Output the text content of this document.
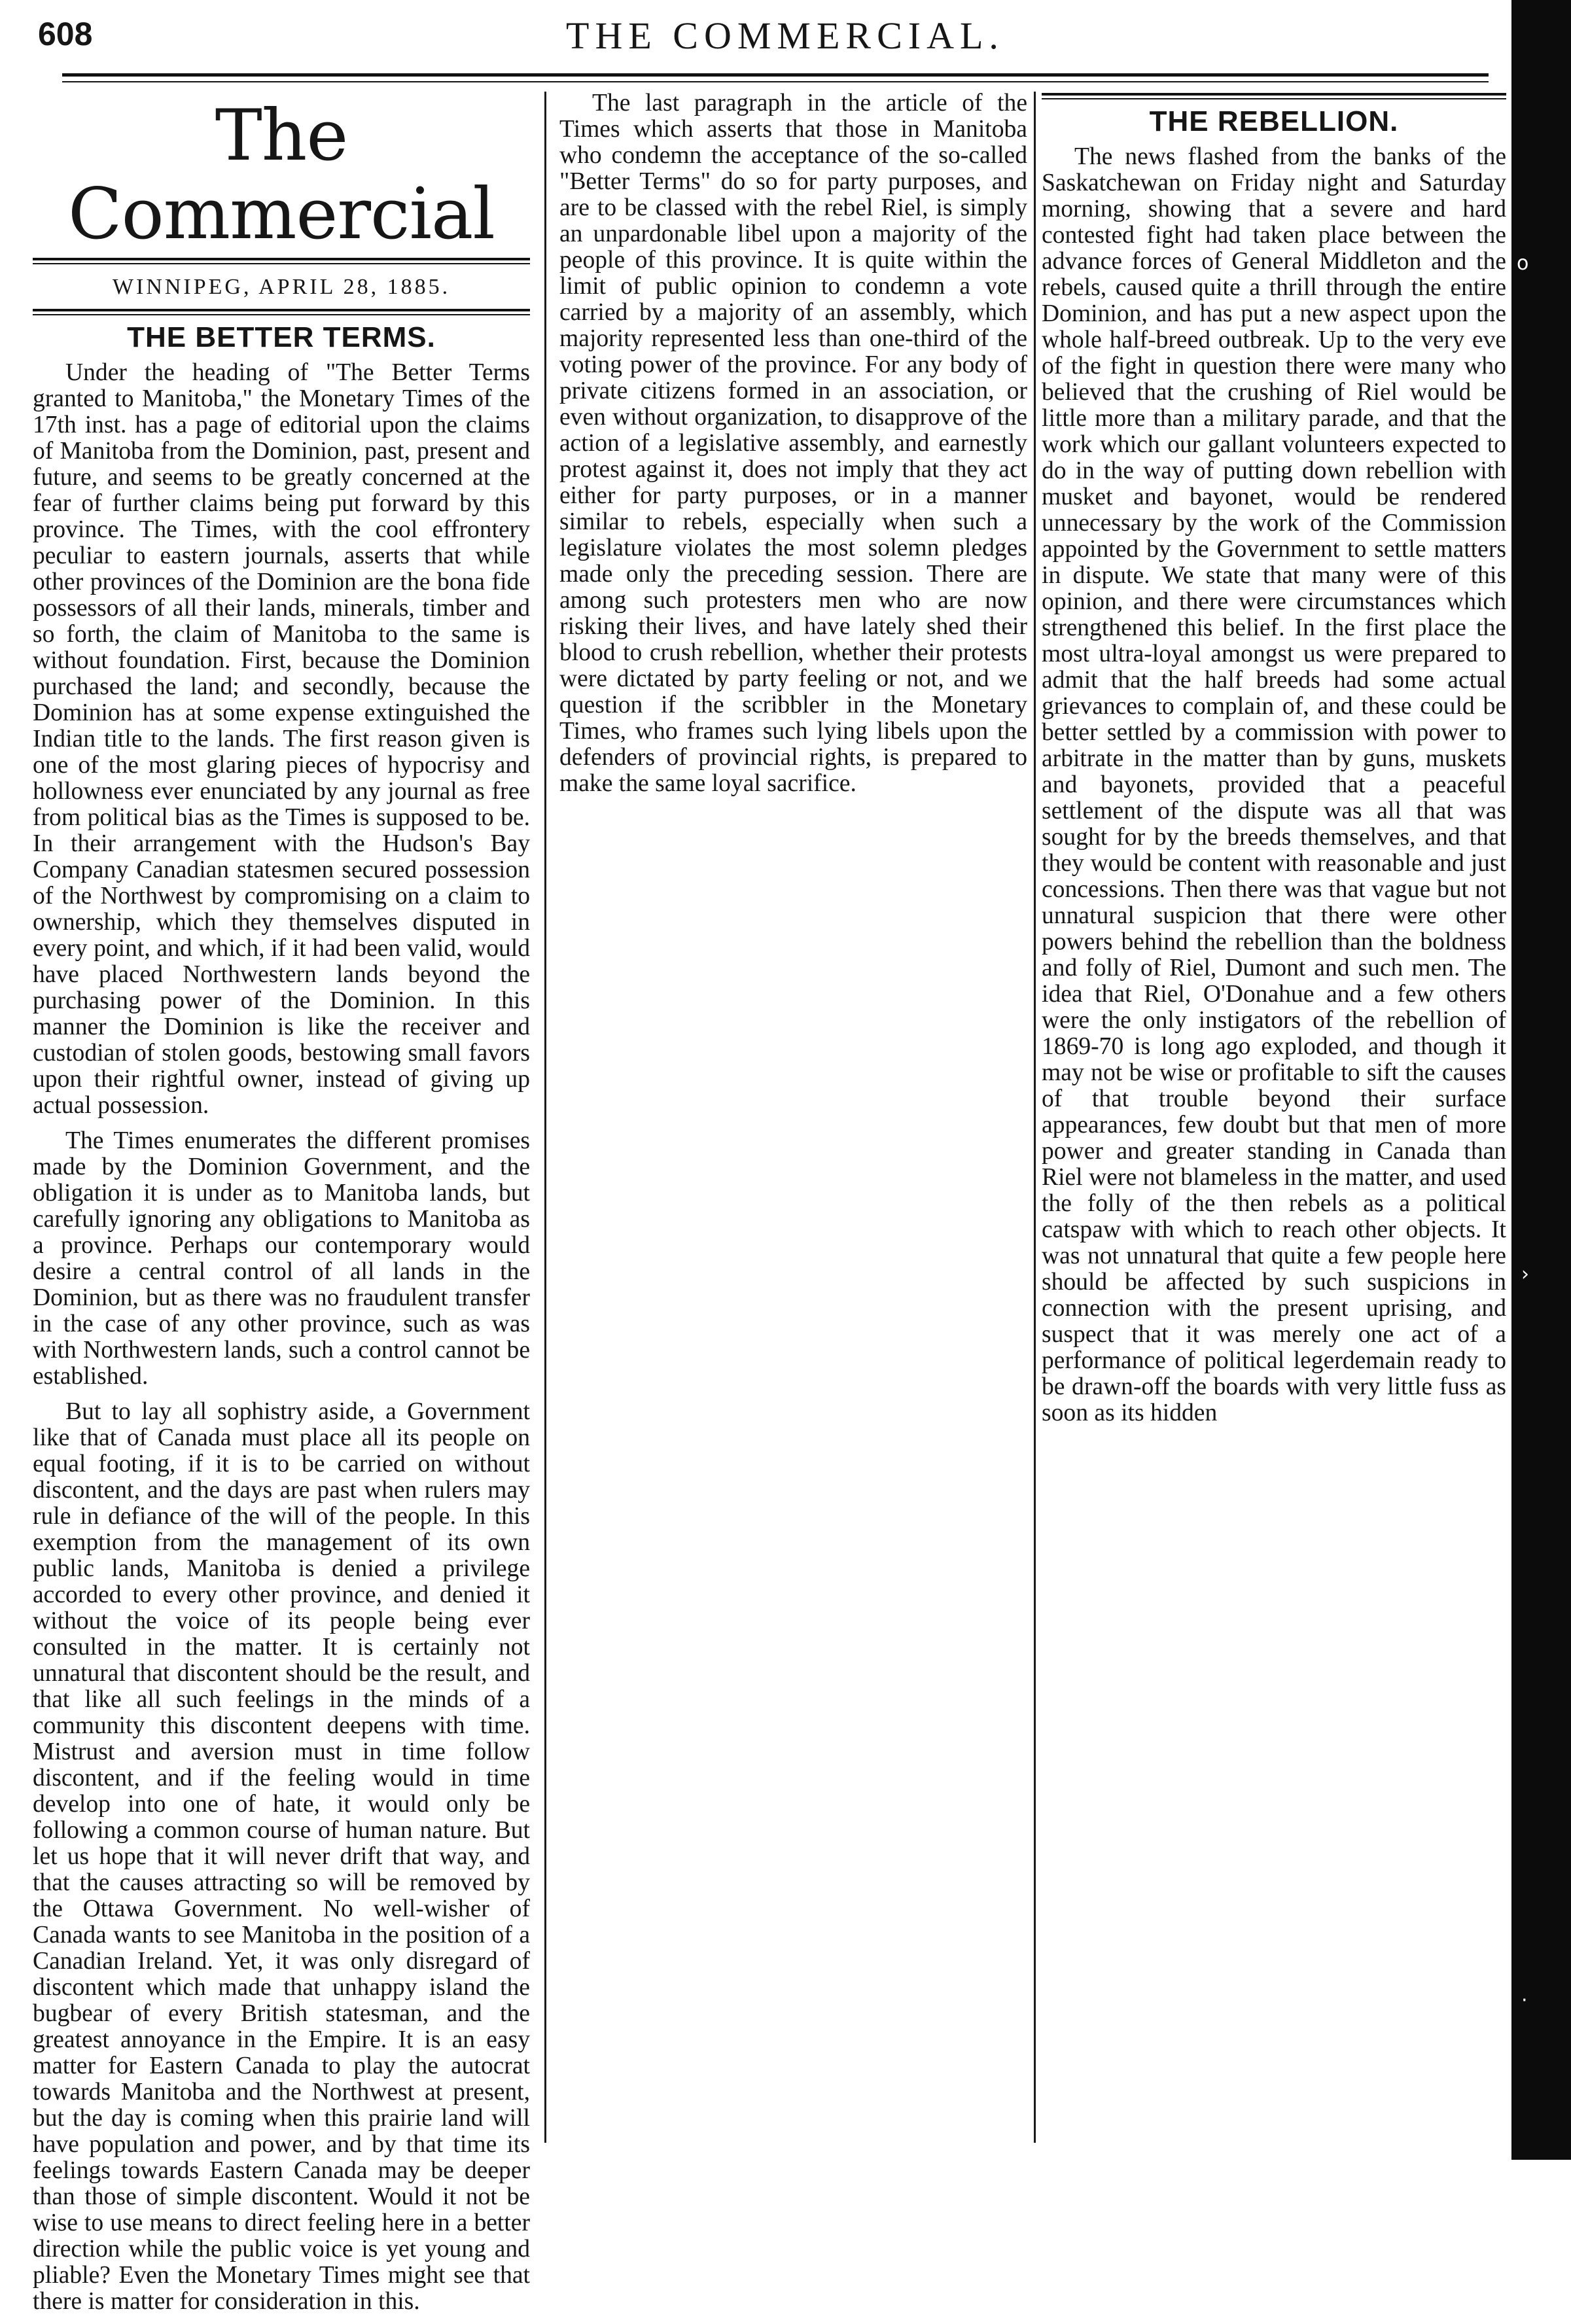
608	THE COMMERCIAL.
The Commercial
WINNIPEG, APRIL 28, 1885.
THE BETTER TERMS.

Under the heading of "The Better Terms granted to Manitoba," the Monetary Times of the 17th inst. has a page of editorial upon the claims of Manitoba from the Dominion, past, present and future, and seems to be greatly concerned at the fear of further claims being put forward by this province. The Times, with the cool effrontery peculiar to eastern journals, asserts that while other provinces of the Dominion are the bona fide possessors of all their lands, minerals, timber and so forth, the claim of Manitoba to the same is without foundation. First, because the Dominion purchased the land; and secondly, because the Dominion has at some expense extinguished the Indian title to the lands. The first reason given is one of the most glaring pieces of hypocrisy and hollowness ever enunciated by any journal as free from political bias as the Times is supposed to be. In their arrangement with the Hudson's Bay Company Canadian statesmen secured possession of the Northwest by compromising on a claim to ownership, which they themselves disputed in every point, and which, if it had been valid, would have placed Northwestern lands beyond the purchasing power of the Dominion. In this manner the Dominion is like the receiver and custodian of stolen goods, bestowing small favors upon their rightful owner, instead of giving up actual possession.

The Times enumerates the different promises made by the Dominion Government, and the obligation it is under as to Manitoba lands, but carefully ignoring any obligations to Manitoba as a province. Perhaps our contemporary would desire a central control of all lands in the Dominion, but as there was no fraudulent transfer in the case of any other province, such as was with Northwestern lands, such a control cannot be established.

But to lay all sophistry aside, a Government like that of Canada must place all its people on equal footing, if it is to be carried on without discontent, and the days are past when rulers may rule in defiance of the will of the people. In this exemption from the management of its own public lands, Manitoba is denied a privilege accorded to every other province, and denied it without the voice of its people being ever consulted in the matter. It is certainly not unnatural that discontent should be the result, and that like all such feelings in the minds of a community this discontent deepens with time. Mistrust and aversion must in time follow discontent, and if the feeling would in time develop into one of hate, it would only be following a common course of human nature. But let us hope that it will never drift that way, and that the causes attracting so will be removed by the Ottawa Government. No well-wisher of Canada wants to see Manitoba in the position of a Canadian Ireland. Yet, it was only disregard of discontent which made that unhappy island the bugbear of every British statesman, and the greatest annoyance in the Empire. It is an easy matter for Eastern Canada to play the autocrat towards Manitoba and the Northwest at present, but the day is coming when this prairie land will have population and power, and by that time its feelings towards Eastern Canada may be deeper than those of simple discontent. Would it not be wise to use means to direct feeling here in a better direction while the public voice is yet young and pliable? Even the Monetary Times might see that there is matter for consideration in this.

The last paragraph in the article of the Times which asserts that those in Manitoba who condemn the acceptance of the so-called "Better Terms" do so for party purposes, and are to be classed with the rebel Riel, is simply an unpardonable libel upon a majority of the people of this province. It is quite within the limit of public opinion to condemn a vote carried by a majority of an assembly, which majority represented less than one-third of the voting power of the province. For any body of private citizens formed in an association, or even without organization, to disapprove of the action of a legislative assembly, and earnestly protest against it, does not imply that they act either for party purposes, or in a manner similar to rebels, especially when such a legislature violates the most solemn pledges made only the preceding session. There are among such protesters men who are now risking their lives, and have lately shed their blood to crush rebellion, whether their protests were dictated by party feeling or not, and we question if the scribbler in the Monetary Times, who frames such lying libels upon the defenders of provincial rights, is prepared to make the same loyal sacrifice.

THE REBELLION.

The news flashed from the banks of the Saskatchewan on Friday night and Saturday morning, showing that a severe and hard contested fight had taken place between the advance forces of General Middleton and the rebels, caused quite a thrill through the entire Dominion, and has put a new aspect upon the whole half-breed outbreak. Up to the very eve of the fight in question there were many who believed that the crushing of Riel would be little more than a military parade, and that the work which our gallant volunteers expected to do in the way of putting down rebellion with musket and bayonet, would be rendered unnecessary by the work of the Commission appointed by the Government to settle matters in dispute. We state that many were of this opinion, and there were circumstances which strengthened this belief. In the first place the most ultra-loyal amongst us were prepared to admit that the half breeds had some actual grievances to complain of, and these could be better settled by a commission with power to arbitrate in the matter than by guns, muskets and bayonets, provided that a peaceful settlement of the dispute was all that was sought for by the breeds themselves, and that they would be content with reasonable and just concessions. Then there was that vague but not unnatural suspicion that there were other powers behind the rebellion than the boldness and folly of Riel, Dumont and such men. The idea that Riel, O'Donahue and a few others were the only instigators of the rebellion of 1869-70 is long ago exploded, and though it may not be wise or profitable to sift the causes of that trouble beyond their surface appearances, few doubt but that men of more power and greater standing in Canada than Riel were not blameless in the matter, and used the folly of the then rebels as a political catspaw with which to reach other objects. It was not unnatural that quite a few people here should be affected by such suspicions in connection with the present uprising, and suspect that it was merely one act of a performance of political legerdemain ready to be drawn-off the boards with very little fuss as soon as its hidden

o
›
·
